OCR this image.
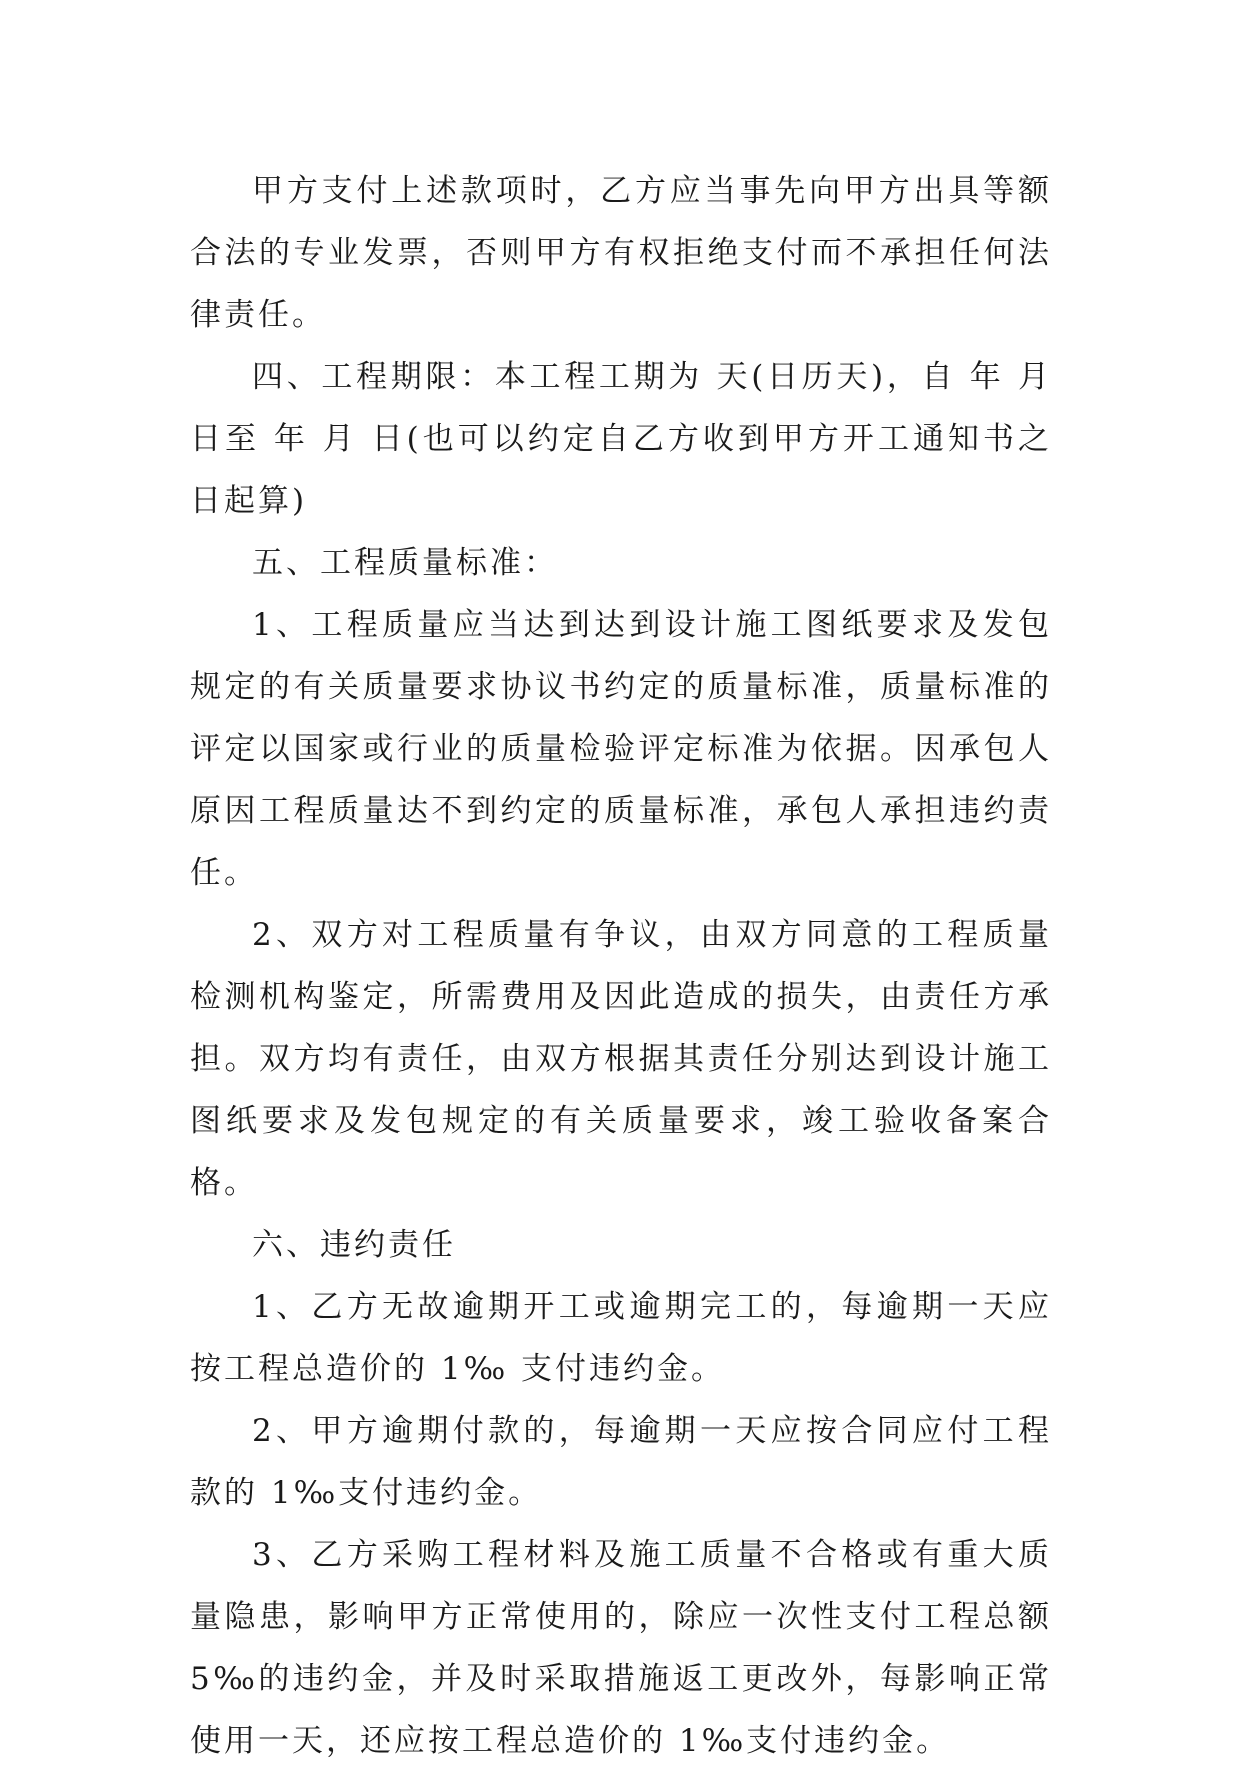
甲方支付上述款项时，乙方应当事先向甲方出具等额合法的专业发票，否则甲方有权拒绝支付而不承担任何法律责任。

四、工程期限：本工程工期为 天(日历天)，自 年 月 日至 年 月 日(也可以约定自乙方收到甲方开工通知书之日起算)

五、工程质量标准：

1、工程质量应当达到达到设计施工图纸要求及发包规定的有关质量要求协议书约定的质量标准，质量标准的评定以国家或行业的质量检验评定标准为依据。因承包人原因工程质量达不到约定的质量标准，承包人承担违约责任。

2、双方对工程质量有争议，由双方同意的工程质量检测机构鉴定，所需费用及因此造成的损失，由责任方承担。双方均有责任，由双方根据其责任分别达到设计施工图纸要求及发包规定的有关质量要求，竣工验收备案合格。

六、违约责任

1、乙方无故逾期开工或逾期完工的，每逾期一天应按工程总造价的 1‰ 支付违约金。

2、甲方逾期付款的，每逾期一天应按合同应付工程款的 1‰支付违约金。

3、乙方采购工程材料及施工质量不合格或有重大质量隐患，影响甲方正常使用的，除应一次性支付工程总额 5‰的违约金，并及时采取措施返工更改外，每影响正常使用一天，还应按工程总造价的 1‰支付违约金。
